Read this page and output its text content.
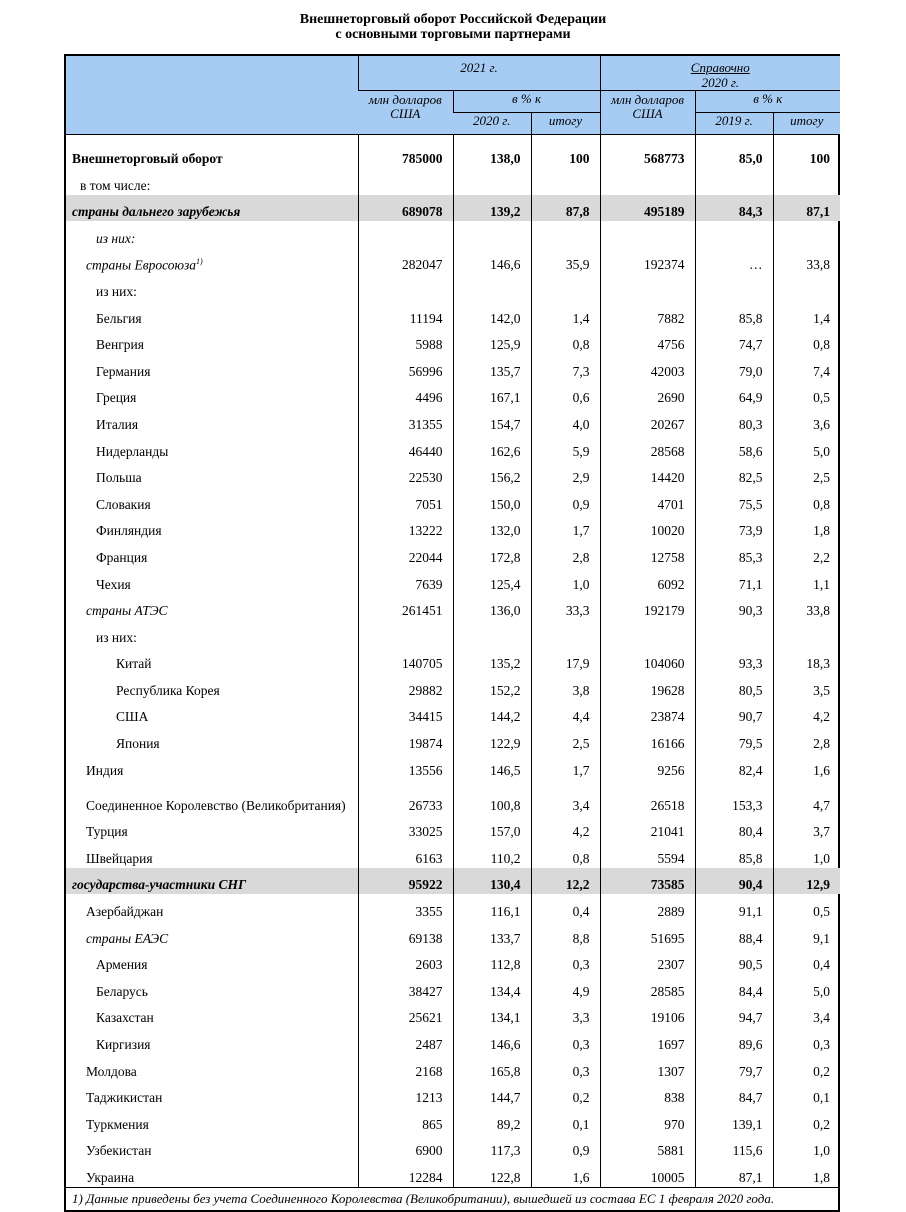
Внешнеторговый оборот Российской Федерации
с основными торговыми партнерами
	2021 г.			Справочно
2020 г.		
	млн долларов США	в % к		млн долларов США	в % к	
		2020 г.	итогу		2019 г.	итогу
Внешнеторговый оборот	785000	138,0	100	568773	85,0	100
в том числе:						
страны дальнего зарубежья	689078	139,2	87,8	495189	84,3	87,1
из них:						
страны Евросоюза$^{1)}$	282047	146,6	35,9	192374	…	33,8
из них:						
Бельгия	11194	142,0	1,4	7882	85,8	1,4
Венгрия	5988	125,9	0,8	4756	74,7	0,8
Германия	56996	135,7	7,3	42003	79,0	7,4
Греция	4496	167,1	0,6	2690	64,9	0,5
Италия	31355	154,7	4,0	20267	80,3	3,6
Нидерланды	46440	162,6	5,9	28568	58,6	5,0
Польша	22530	156,2	2,9	14420	82,5	2,5
Словакия	7051	150,0	0,9	4701	75,5	0,8
Финляндия	13222	132,0	1,7	10020	73,9	1,8
Франция	22044	172,8	2,8	12758	85,3	2,2
Чехия	7639	125,4	1,0	6092	71,1	1,1
страны АТЭС	261451	136,0	33,3	192179	90,3	33,8
из них:						
Китай	140705	135,2	17,9	104060	93,3	18,3
Республика Корея	29882	152,2	3,8	19628	80,5	3,5
США	34415	144,2	4,4	23874	90,7	4,2
Япония	19874	122,9	2,5	16166	79,5	2,8
Индия	13556	146,5	1,7	9256	82,4	1,6
Соединенное Королевство (Великобритания)	26733	100,8	3,4	26518	153,3	4,7
Турция	33025	157,0	4,2	21041	80,4	3,7
Швейцария	6163	110,2	0,8	5594	85,8	1,0
государства-участники СНГ	95922	130,4	12,2	73585	90,4	12,9
Азербайджан	3355	116,1	0,4	2889	91,1	0,5
страны ЕАЭС	69138	133,7	8,8	51695	88,4	9,1
Армения	2603	112,8	0,3	2307	90,5	0,4
Беларусь	38427	134,4	4,9	28585	84,4	5,0
Казахстан	25621	134,1	3,3	19106	94,7	3,4
Киргизия	2487	146,6	0,3	1697	89,6	0,3
Молдова	2168	165,8	0,3	1307	79,7	0,2
Таджикистан	1213	144,7	0,2	838	84,7	0,1
Туркмения	865	89,2	0,1	970	139,1	0,2
Узбекистан	6900	117,3	0,9	5881	115,6	1,0
Украина	12284	122,8	1,6	10005	87,1	1,8
1) Данные приведены без учета Соединенного Королевства (Великобритании), вышедшей из состава ЕС 1 февраля 2020 года.
